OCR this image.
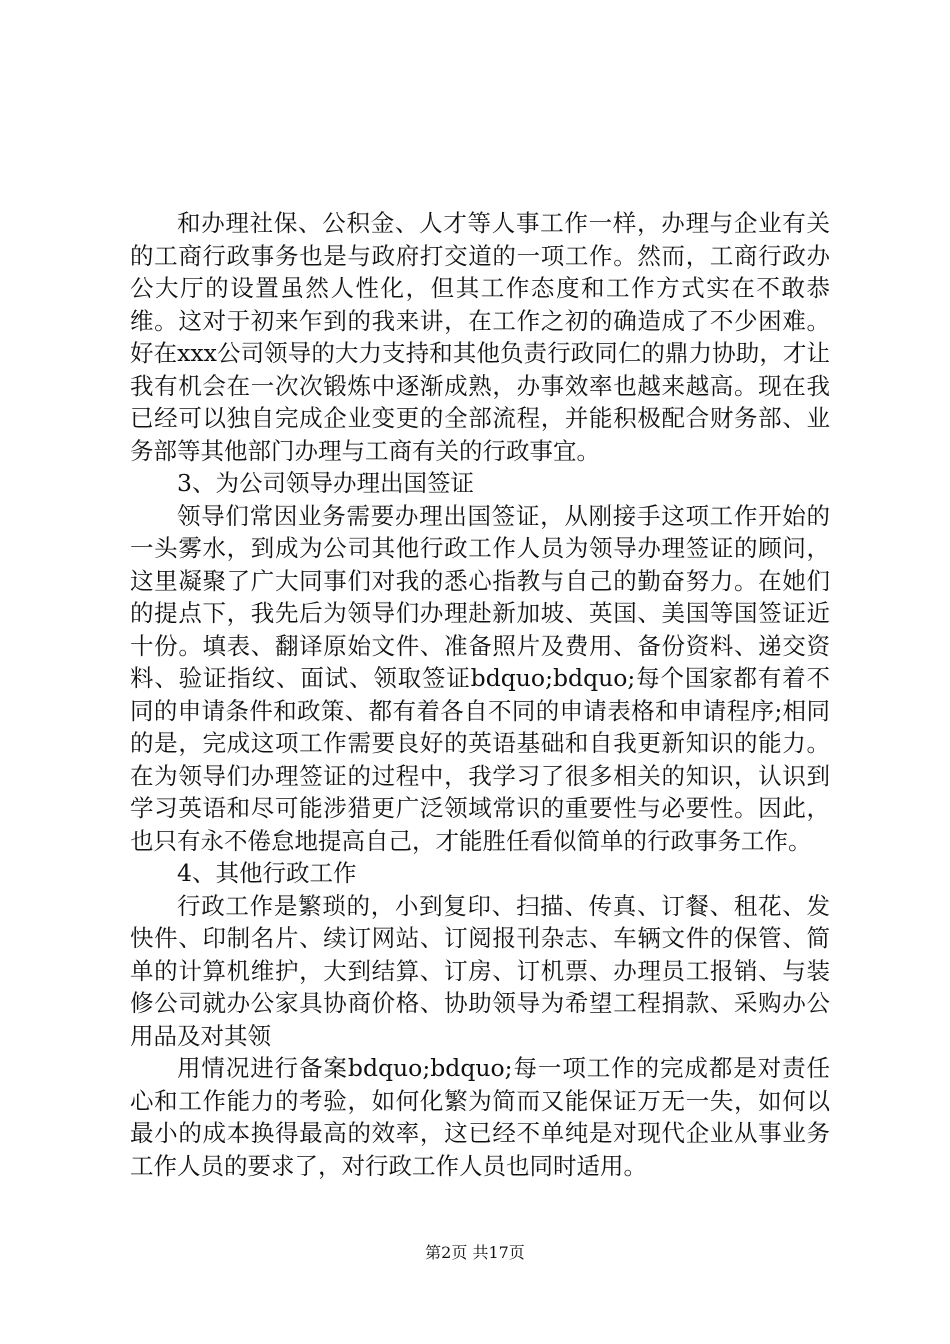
和办理社保、公积金、人才等人事工作一样，办理与企业有关的工商行政事务也是与政府打交道的一项工作。然而，工商行政办公大厅的设置虽然人性化，但其工作态度和工作方式实在不敢恭维。这对于初来乍到的我来讲，在工作之初的确造成了不少困难。好在xxx公司领导的大力支持和其他负责行政同仁的鼎力协助，才让我有机会在一次次锻炼中逐渐成熟，办事效率也越来越高。现在我已经可以独自完成企业变更的全部流程，并能积极配合财务部、业务部等其他部门办理与工商有关的行政事宜。

3、为公司领导办理出国签证

领导们常因业务需要办理出国签证，从刚接手这项工作开始的一头雾水，到成为公司其他行政工作人员为领导办理签证的顾问，这里凝聚了广大同事们对我的悉心指教与自己的勤奋努力。在她们的提点下，我先后为领导们办理赴新加坡、英国、美国等国签证近十份。填表、翻译原始文件、准备照片及费用、备份资料、递交资料、验证指纹、面试、领取签证bdquo;bdquo;每个国家都有着不同的申请条件和政策、都有着各自不同的申请表格和申请程序;相同的是，完成这项工作需要良好的英语基础和自我更新知识的能力。在为领导们办理签证的过程中，我学习了很多相关的知识，认识到学习英语和尽可能涉猎更广泛领域常识的重要性与必要性。因此，也只有永不倦怠地提高自己，才能胜任看似简单的行政事务工作。

4、其他行政工作

行政工作是繁琐的，小到复印、扫描、传真、订餐、租花、发快件、印制名片、续订网站、订阅报刊杂志、车辆文件的保管、简单的计算机维护，大到结算、订房、订机票、办理员工报销、与装修公司就办公家具协商价格、协助领导为希望工程捐款、采购办公用品及对其领

用情况进行备案bdquo;bdquo;每一项工作的完成都是对责任心和工作能力的考验，如何化繁为简而又能保证万无一失，如何以最小的成本换得最高的效率，这已经不单纯是对现代企业从事业务工作人员的要求了，对行政工作人员也同时适用。

第2页 共17页
